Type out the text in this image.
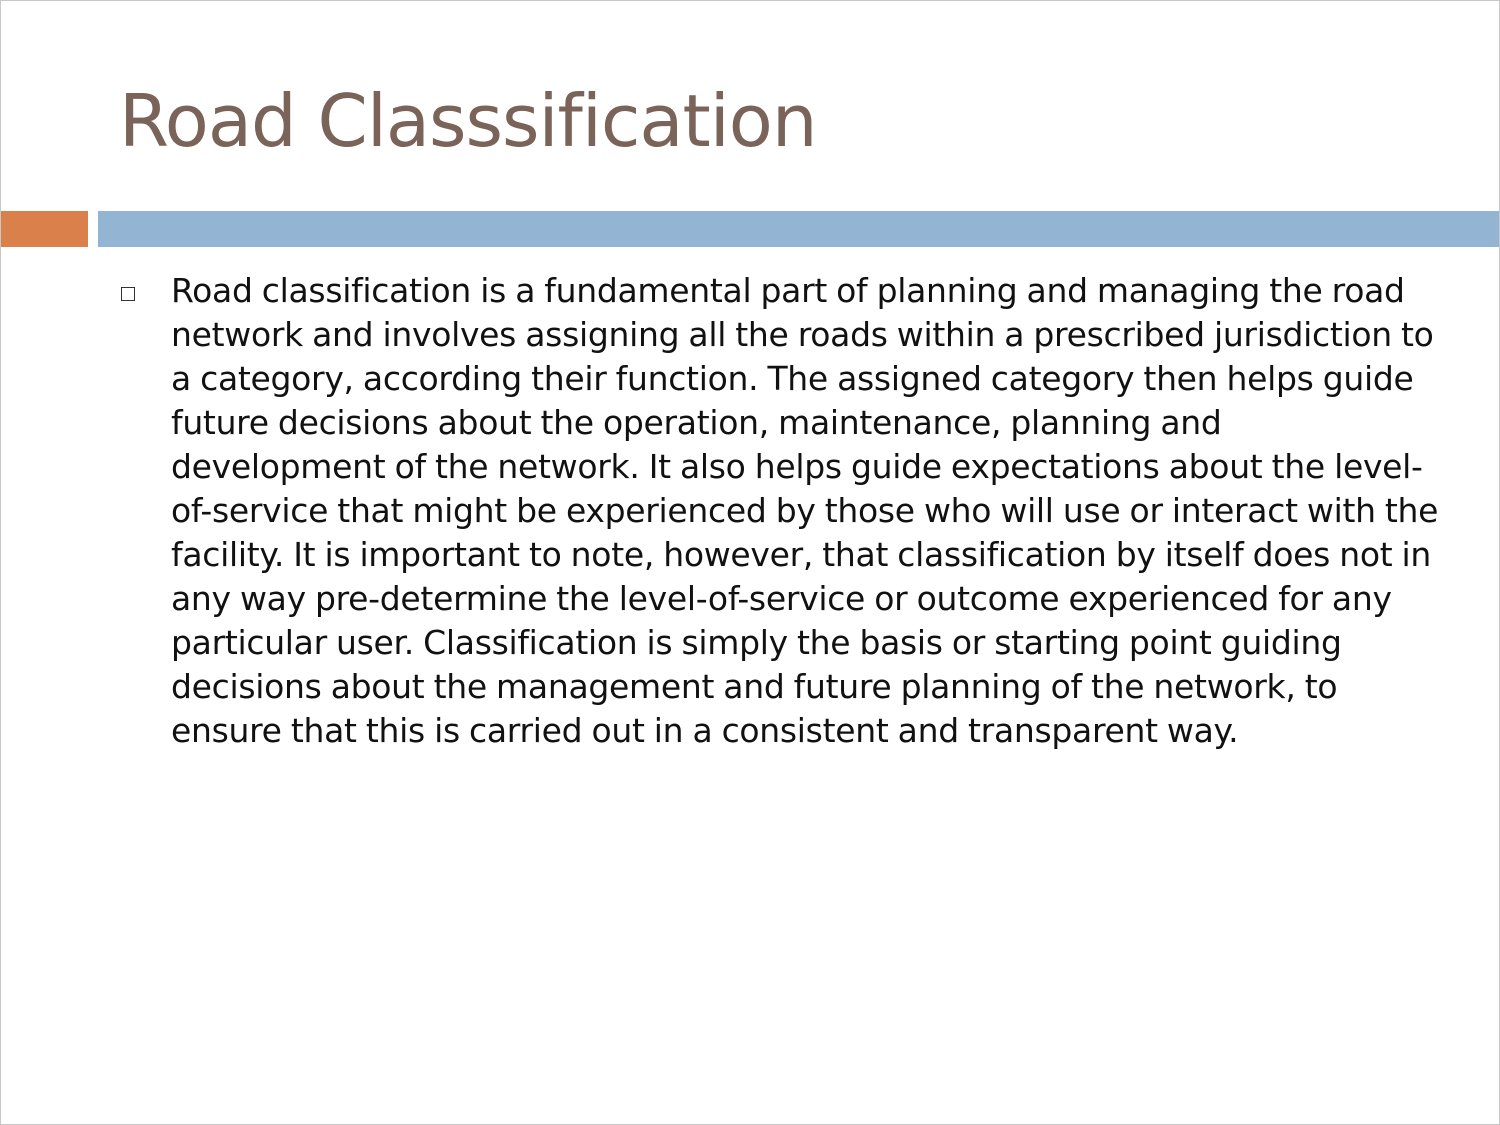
Road Classsification
Road classification is a fundamental part of planning and managing the road network and involves assigning all the roads within a prescribed jurisdiction to a category, according their function. The assigned category then helps guide future decisions about the operation, maintenance, planning and development of the network. It also helps guide expectations about the level-of-service that might be experienced by those who will use or interact with the facility. It is important to note, however, that classification by itself does not in any way pre-determine the level-of-service or outcome experienced for any particular user. Classification is simply the basis or starting point guiding decisions about the management and future planning of the network, to ensure that this is carried out in a consistent and transparent way.
